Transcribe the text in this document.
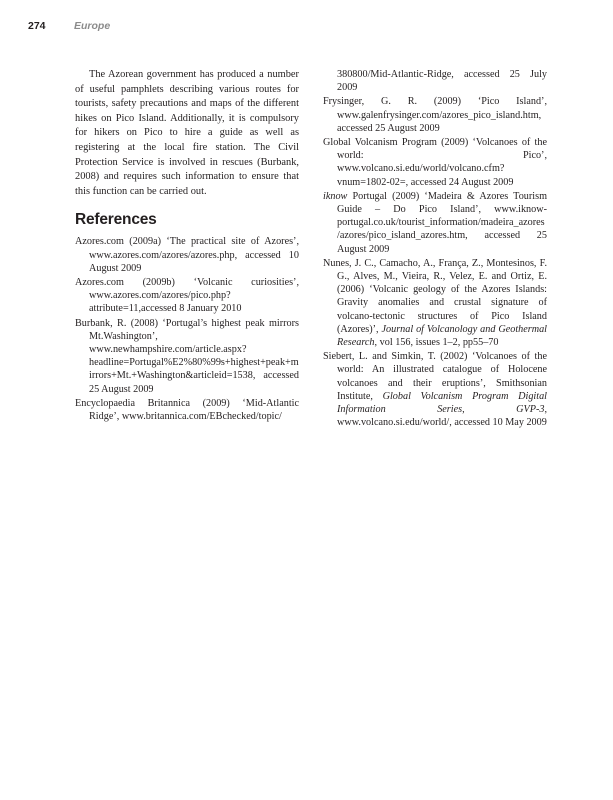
274	Europe

The Azorean government has produced a number of useful pamphlets describing various routes for tourists, safety precautions and maps of the different hikes on Pico Island. Additionally, it is compulsory for hikers on Pico to hire a guide as well as registering at the local fire station. The Civil Protection Service is involved in rescues (Burbank, 2008) and requires such information to ensure that this function can be carried out.

References

Azores.com (2009a) ‘The practical site of Azores’, www.azores.com/azores/azores.php, accessed 10 August 2009

Azores.com (2009b) ‘Volcanic curiosities’, www.azores.com/azores/pico.php?attribute=11,accessed 8 January 2010

Burbank, R. (2008) ‘Portugal’s highest peak mirrors Mt.Washington’, www.newhampshire.com/article.aspx?headline=Portugal%E2%80%99s+highest+peak+mirrors+Mt.+Washington&articleid=1538, accessed 25 August 2009

Encyclopaedia Britannica (2009) ‘Mid-Atlantic Ridge’, www.britannica.com/EBchecked/topic/

380800/Mid-Atlantic-Ridge, accessed 25 July 2009

Frysinger, G. R. (2009) ‘Pico Island’, www.galenfrysinger.com/azores_pico_island.htm, accessed 25 August 2009

Global Volcanism Program (2009) ‘Volcanoes of the world: Pico’, www.volcano.si.edu/world/volcano.cfm?vnum=1802-02=, accessed 24 August 2009

iknow Portugal (2009) ‘Madeira & Azores Tourism Guide – Do Pico Island’, www.iknow-portugal.co.uk/tourist_information/madeira_azores/azores/pico_island_azores.htm, accessed 25 August 2009

Nunes, J. C., Camacho, A., França, Z., Montesinos, F. G., Alves, M., Vieira, R., Velez, E. and Ortiz, E. (2006) ‘Volcanic geology of the Azores Islands: Gravity anomalies and crustal signature of volcano-tectonic structures of Pico Island (Azores)’, Journal of Volcanology and Geothermal Research, vol 156, issues 1–2, pp55–70

Siebert, L. and Simkin, T. (2002) ‘Volcanoes of the world: An illustrated catalogue of Holocene volcanoes and their eruptions’, Smithsonian Institute, Global Volcanism Program Digital Information Series, GVP-3, www.volcano.si.edu/world/, accessed 10 May 2009
